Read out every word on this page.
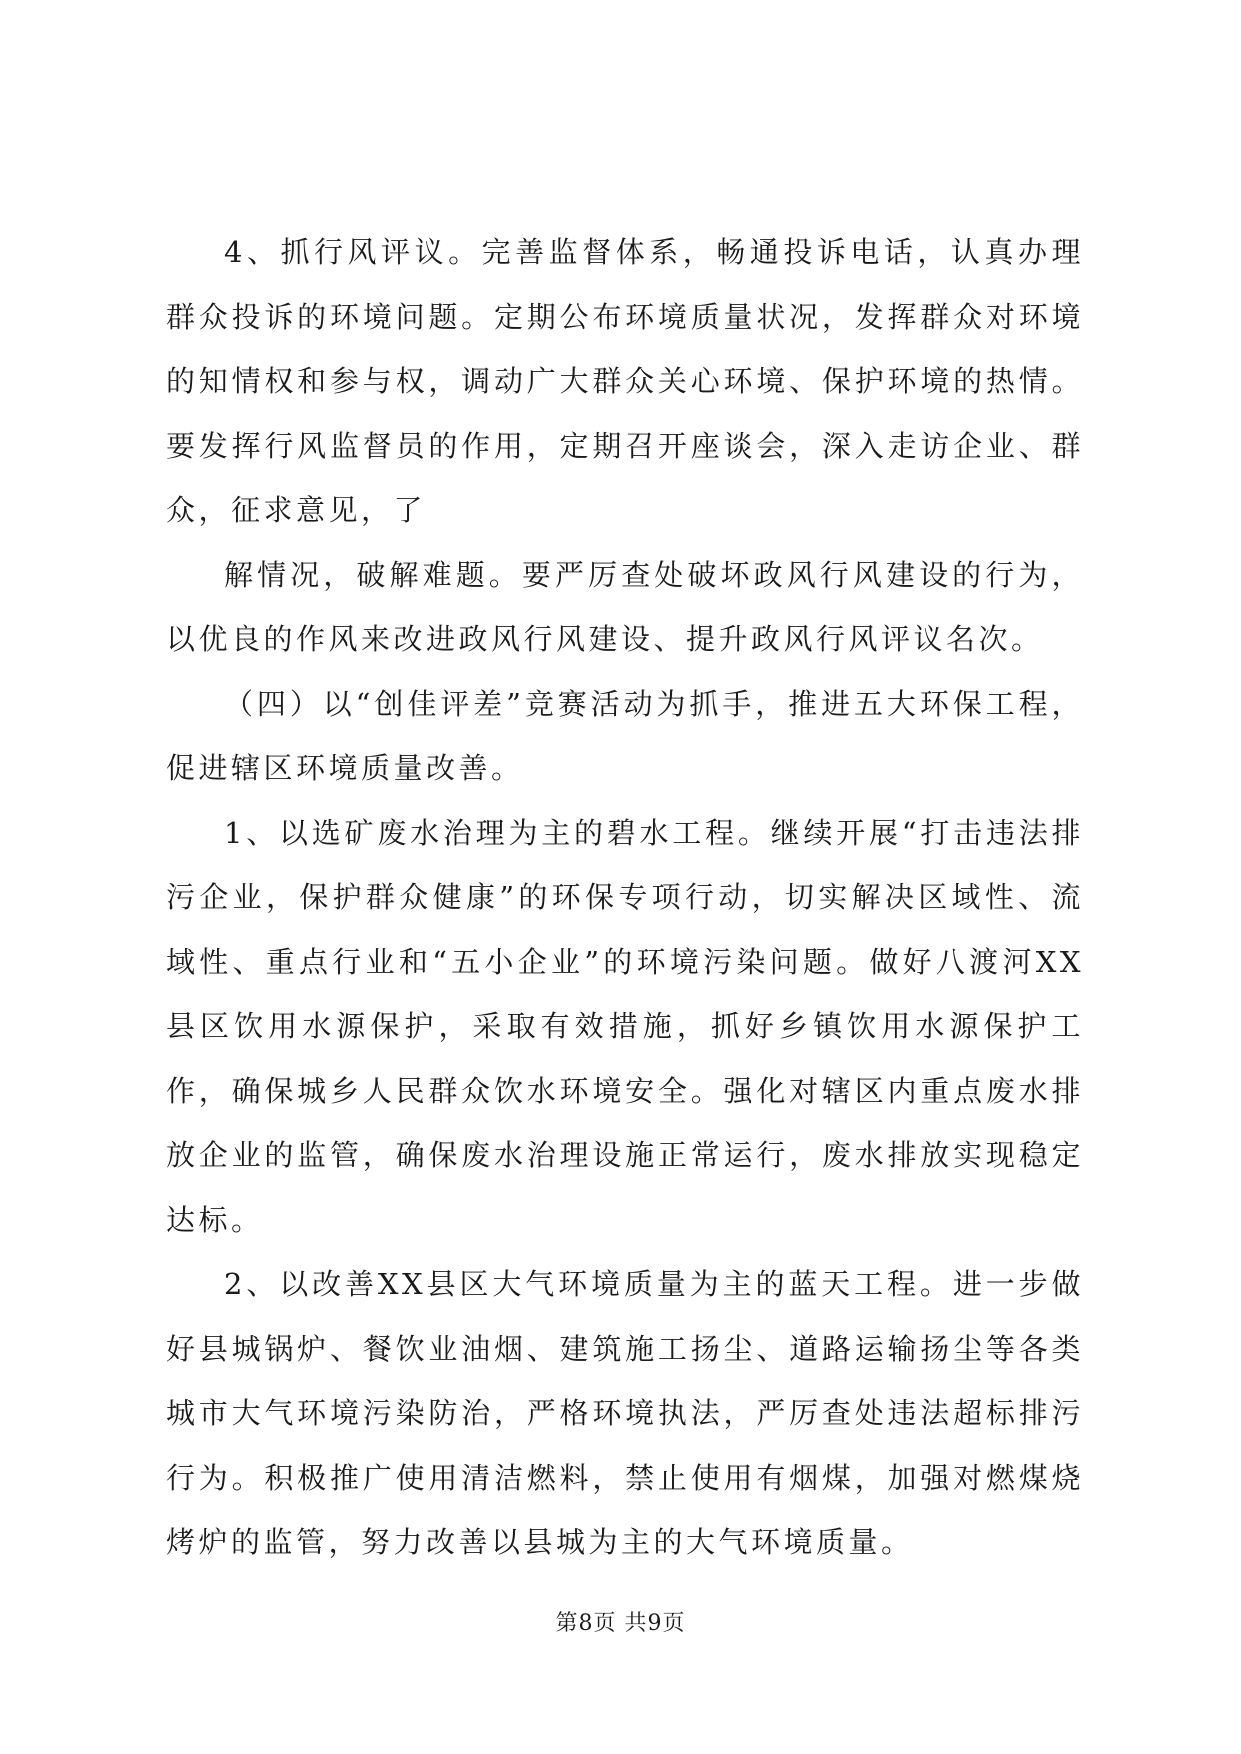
4、抓行风评议。完善监督体系，畅通投诉电话，认真办理群众投诉的环境问题。定期公布环境质量状况，发挥群众对环境的知情权和参与权，调动广大群众关心环境、保护环境的热情。要发挥行风监督员的作用，定期召开座谈会，深入走访企业、群众，征求意见，了

解情况，破解难题。要严厉查处破坏政风行风建设的行为，以优良的作风来改进政风行风建设、提升政风行风评议名次。

（四）以“创佳评差”竞赛活动为抓手，推进五大环保工程，促进辖区环境质量改善。

1、以选矿废水治理为主的碧水工程。继续开展“打击违法排污企业，保护群众健康”的环保专项行动，切实解决区域性、流域性、重点行业和“五小企业”的环境污染问题。做好八渡河XX县区饮用水源保护，采取有效措施，抓好乡镇饮用水源保护工作，确保城乡人民群众饮水环境安全。强化对辖区内重点废水排放企业的监管，确保废水治理设施正常运行，废水排放实现稳定达标。

2、以改善XX县区大气环境质量为主的蓝天工程。进一步做好县城锅炉、餐饮业油烟、建筑施工扬尘、道路运输扬尘等各类城市大气环境污染防治，严格环境执法，严厉查处违法超标排污行为。积极推广使用清洁燃料，禁止使用有烟煤，加强对燃煤烧烤炉的监管，努力改善以县城为主的大气环境质量。

第8页 共9页
